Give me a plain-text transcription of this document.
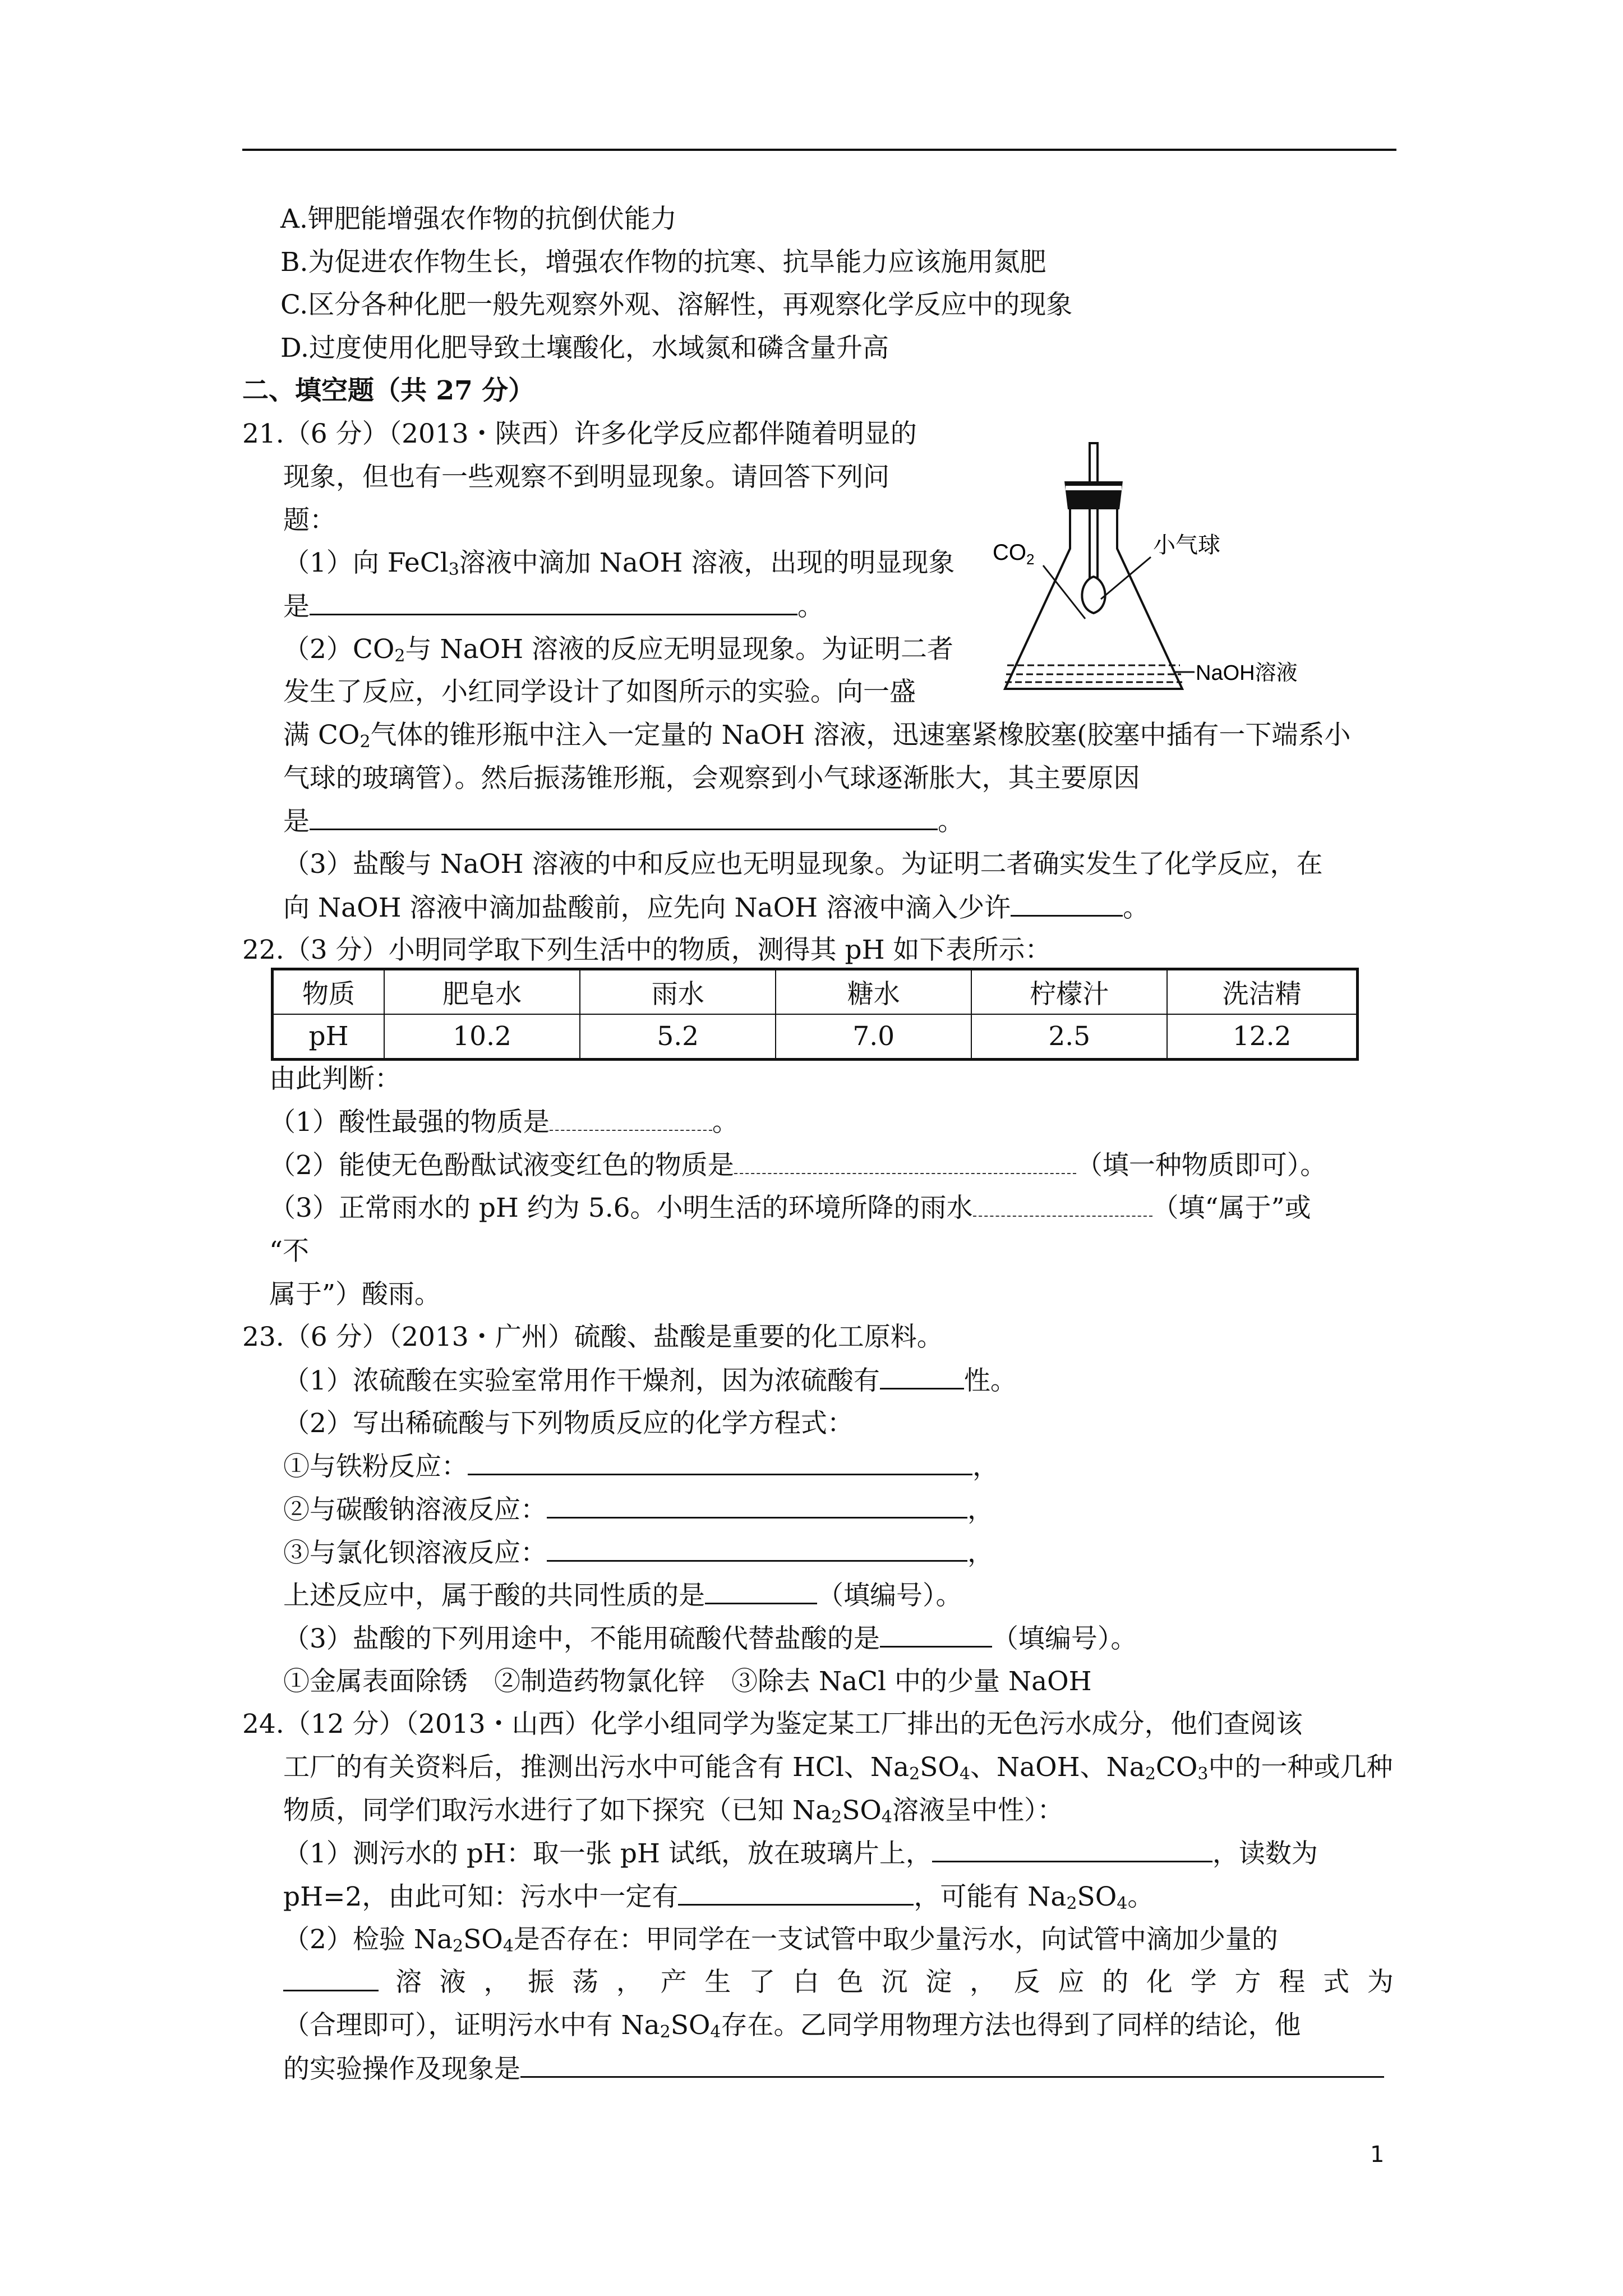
A.钾肥能增强农作物的抗倒伏能力
B.为促进农作物生长，增强农作物的抗寒、抗旱能力应该施用氮肥
C.区分各种化肥一般先观察外观、溶解性，再观察化学反应中的现象
D.过度使用化肥导致土壤酸化，水域氮和磷含量升高
二、填空题（共 27 分）
21.（6 分）（2013・陕西）许多化学反应都伴随着明显的
现象，但也有一些观察不到明显现象。请回答下列问
题：
（1）向 FeCl$_3$溶液中滴加 NaOH 溶液，出现的明显现象
是	。
$(2)CO_2$与 NaOH 溶液的反应无明显现象。为证明二者
发生了反应，小红同学设计了如图所示的实验。向一盛
满 $CO_2$气体的锥形瓶中注入一定量的 NaOH 溶液，迅速塞紧橡胶塞(胶塞中插有一下端系小
气球的玻璃管）。然后振荡锥形瓶，会观察到小气球逐渐胀大，其主要原因
是	。
（3）盐酸与 NaOH 溶液的中和反应也无明显现象。为证明二者确实发生了化学反应，在
向 NaOH 溶液中滴加盐酸前，应先向 NaOH 溶液中滴入少许	。
$CO_2$
小气球
NaOH溶液
22.（3 分）小明同学取下列生活中的物质，测得其 pH 如下表所示：
物质	肥皂水	雨水	糖水	柠檬汁	洗洁精
pH	10.2	5.2	7.0	2.5	12.2
由此判断：
（1）酸性最强的物质是	。
（2）能使无色酚酞试液变红色的物质是	（填一种物质即可）。
（3）正常雨水的 pH 约为 5.6。小明生活的环境所降的雨水	（填“属于”或
“不
属于”）酸雨。
23.（6 分）（2013・广州）硫酸、盐酸是重要的化工原料。
（1）浓硫酸在实验室常用作干燥剂，因为浓硫酸有	性。
（2）写出稀硫酸与下列物质反应的化学方程式：
①与铁粉反应：	，
②与碳酸钠溶液反应：	，
③与氯化钡溶液反应：	，
上述反应中，属于酸的共同性质的是	（填编号）。
（3）盐酸的下列用途中，不能用硫酸代替盐酸的是	（填编号）。
①金属表面除锈　②制造药物氯化锌　③除去 NaCl 中的少量 NaOH
24.（12 分）（2013・山西）化学小组同学为鉴定某工厂排出的无色污水成分，他们查阅该
工厂的有关资料后，推测出污水中可能含有 HCl、$Na_2SO_4$、NaOH、$Na_2CO_3$中的一种或几种
物质，同学们取污水进行了如下探究（已知 $Na_2SO_4$溶液呈中性）：
（1）测污水的 pH：取一张 pH 试纸，放在玻璃片上，	，读数为
pH=2，由此可知：污水中一定有	，可能有 $Na_2SO_4$。
（2）检验 $Na_2SO_4$是否存在：甲同学在一支试管中取少量污水，向试管中滴加少量的
溶 液 ， 振 荡 ， 产 生 了 白 色 沉 淀 ， 反 应 的 化 学 方 程 式 为
（合理即可），证明污水中有 $Na_2SO_4$存在。乙同学用物理方法也得到了同样的结论，他
的实验操作及现象是
1
